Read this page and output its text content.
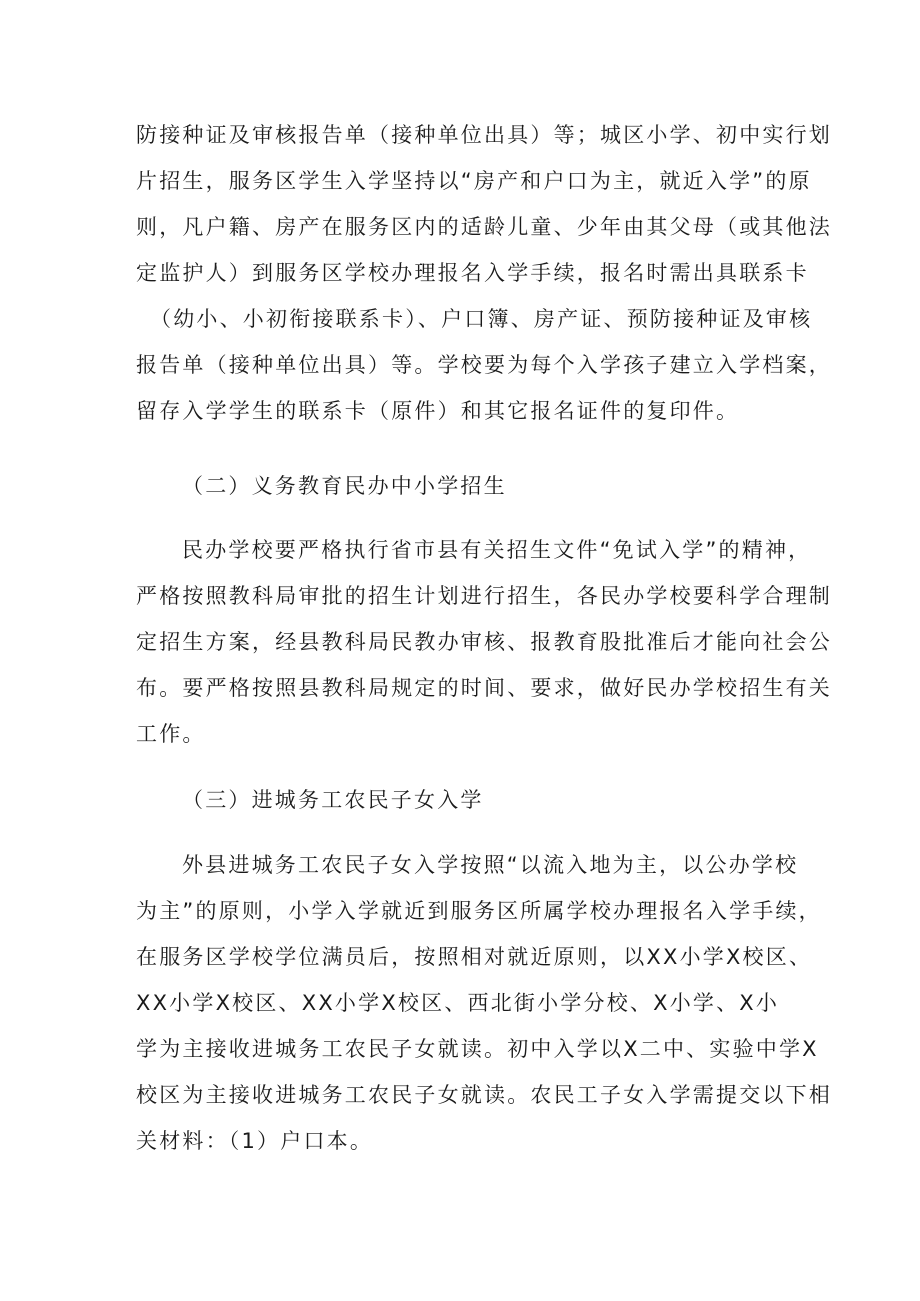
防接种证及审核报告单（接种单位出具）等；城区小学、初中实行划
片招生，服务区学生入学坚持以“房产和户口为主，就近入学”的原
则，凡户籍、房产在服务区内的适龄儿童、少年由其父母（或其他法
定监护人）到服务区学校办理报名入学手续，报名时需出具联系卡
（幼小、小初衔接联系卡）、户口簿、房产证、预防接种证及审核
报告单（接种单位出具）等。学校要为每个入学孩子建立入学档案，
留存入学学生的联系卡（原件）和其它报名证件的复印件。
（二）义务教育民办中小学招生
民办学校要严格执行省市县有关招生文件“免试入学”的精神，
严格按照教科局审批的招生计划进行招生，各民办学校要科学合理制
定招生方案，经县教科局民教办审核、报教育股批准后才能向社会公
布。要严格按照县教科局规定的时间、要求，做好民办学校招生有关
工作。
（三）进城务工农民子女入学
外县进城务工农民子女入学按照“以流入地为主，以公办学校
为主”的原则，小学入学就近到服务区所属学校办理报名入学手续，
在服务区学校学位满员后，按照相对就近原则，以XX小学X校区、
XX小学X校区、XX小学X校区、西北街小学分校、X小学、X小
学为主接收进城务工农民子女就读。初中入学以X二中、实验中学X
校区为主接收进城务工农民子女就读。农民工子女入学需提交以下相
关材料：（1）户口本。
